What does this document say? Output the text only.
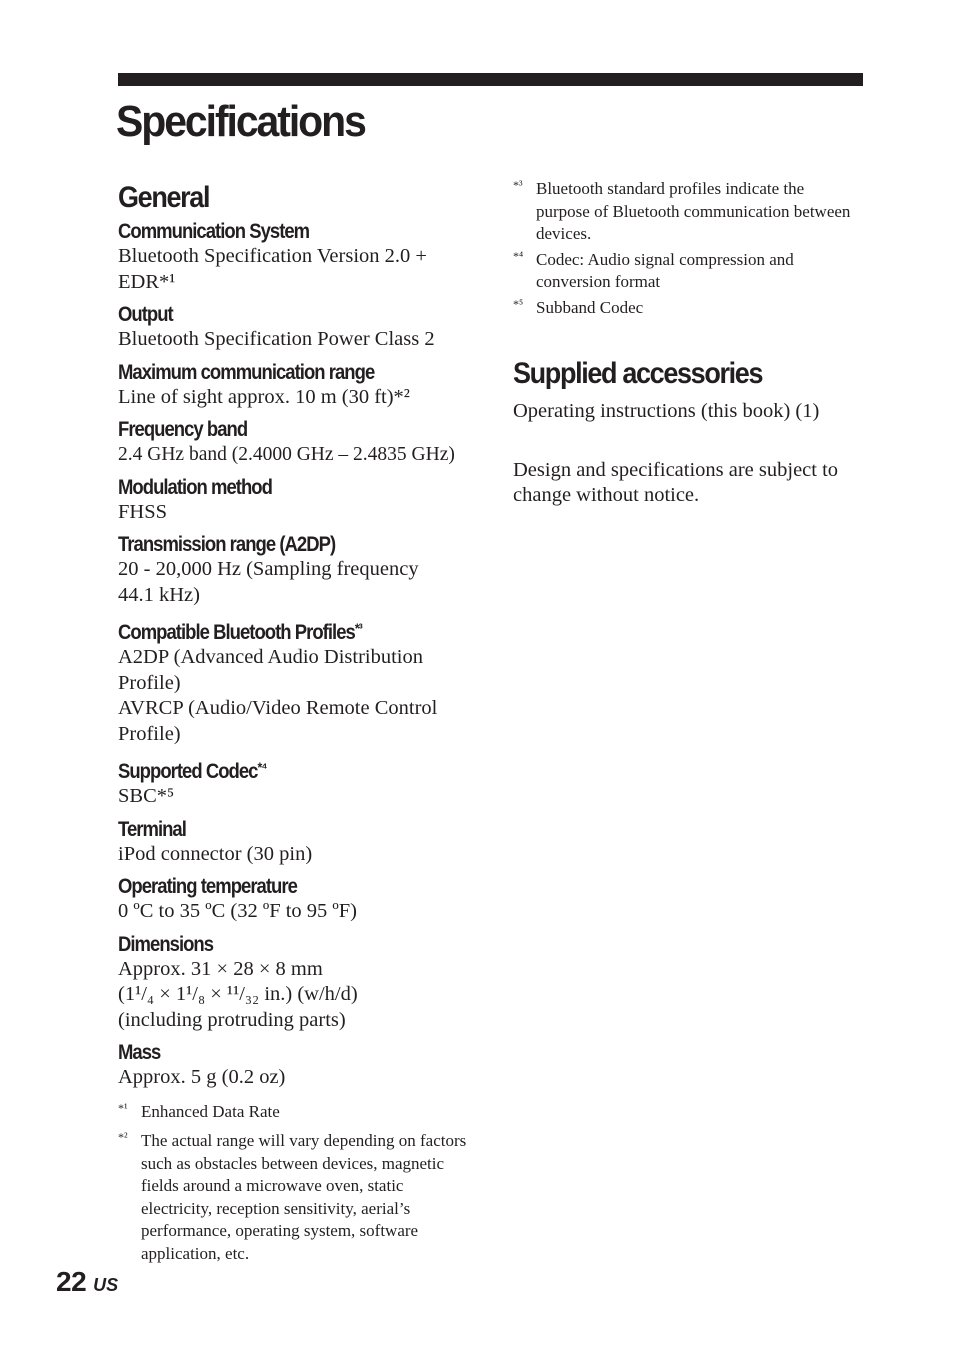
Specifications
General

Communication System

Bluetooth Specification Version 2.0 +

EDR*¹

Output

Bluetooth Specification Power Class 2

Maximum communication range

Line of sight approx. 10 m (30 ft)*²

Frequency band

2.4 GHz band (2.4000 GHz – 2.4835 GHz)

Modulation method

FHSS

Transmission range (A2DP)

20 - 20,000 Hz (Sampling frequency

44.1 kHz)

Compatible Bluetooth Profiles$^{*^3}$

A2DP (Advanced Audio Distribution

Profile)

AVRCP (Audio/Video Remote Control

Profile)

Supported Codec$^{*^4}$

SBC*⁵

Terminal

iPod connector (30 pin)

Operating temperature

0 ºC to 35 ºC (32 ºF to 95 ºF)

Dimensions

Approx. 31 × 28 × 8 mm

(1¹/₄ × 1¹/₈ × ¹¹/₃₂ in.) (w/h/d)

(including protruding parts)

Mass

Approx. 5 g (0.2 oz)

*¹ Enhanced Data Rate

*² The actual range will vary depending on factors such as obstacles between devices, magnetic fields around a microwave oven, static electricity, reception sensitivity, aerial’s performance, operating system, software application, etc.

*³ Bluetooth standard profiles indicate the purpose of Bluetooth communication between devices.

*⁴ Codec: Audio signal compression and conversion format

*⁵ Subband Codec

Supplied accessories

Operating instructions (this book) (1)

Design and specifications are subject to change without notice.

22 US
